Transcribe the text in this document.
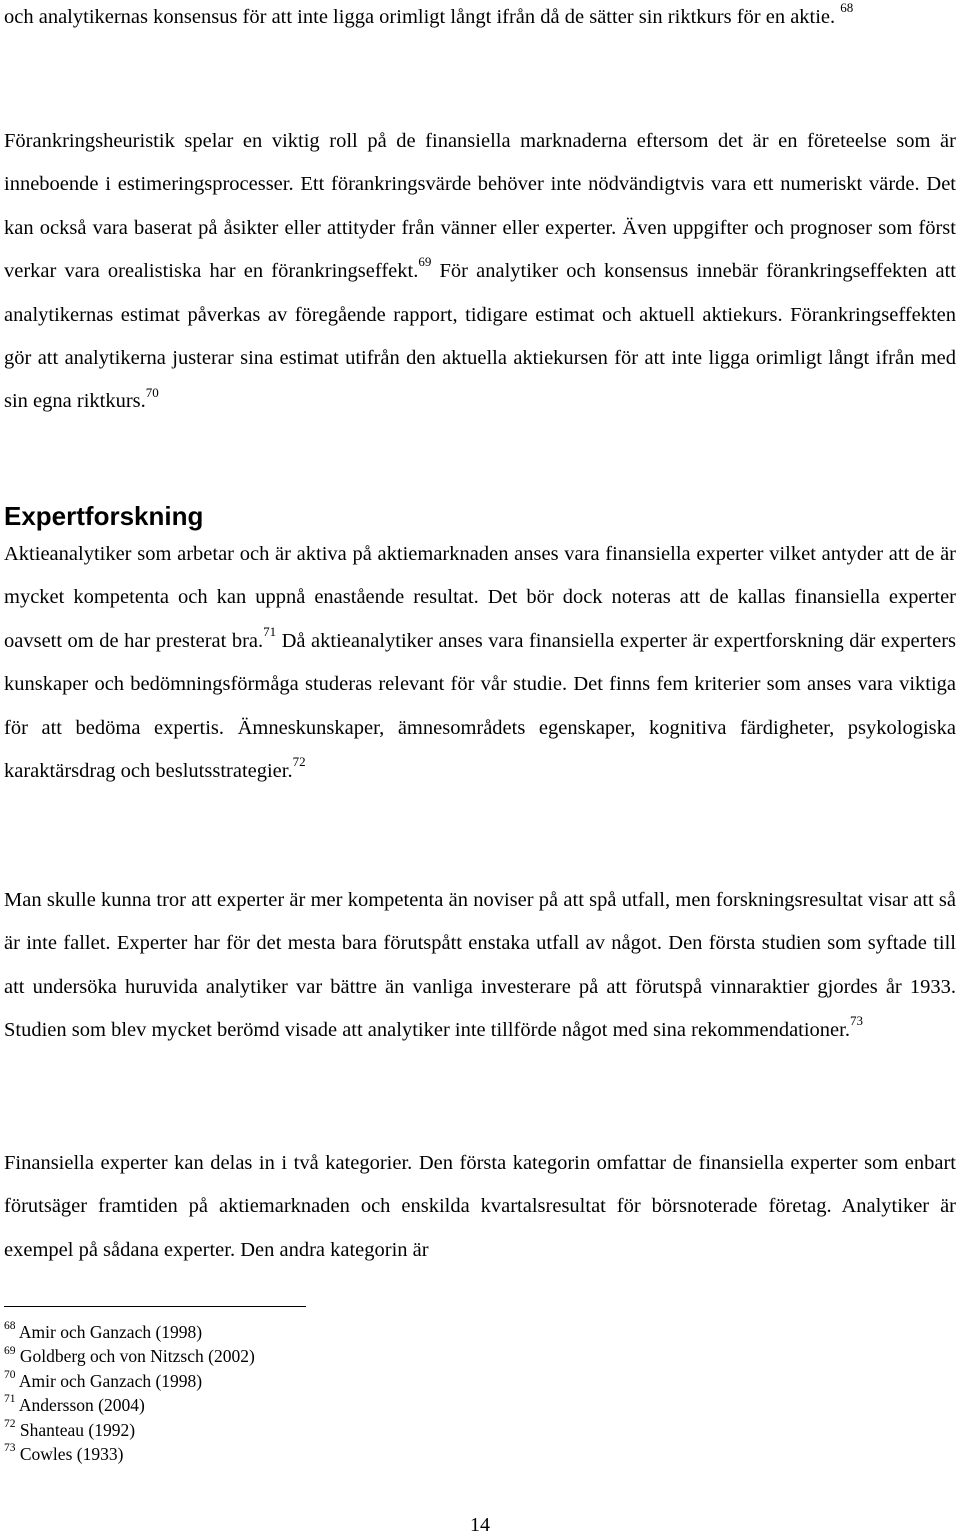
och analytikernas konsensus för att inte ligga orimligt långt ifrån då de sätter sin riktkurs för en aktie. $^{68}$

Förankringsheuristik spelar en viktig roll på de finansiella marknaderna eftersom det är en företeelse som är inneboende i estimeringsprocesser. Ett förankringsvärde behöver inte nödvändigtvis vara ett numeriskt värde. Det kan också vara baserat på åsikter eller attityder från vänner eller experter. Även uppgifter och prognoser som först verkar vara orealistiska har en förankringseffekt.$^{69}$ För analytiker och konsensus innebär förankringseffekten att analytikernas estimat påverkas av föregående rapport, tidigare estimat och aktuell aktiekurs. Förankringseffekten gör att analytikerna justerar sina estimat utifrån den aktuella aktiekursen för att inte ligga orimligt långt ifrån med sin egna riktkurs.$^{70}$

Expertforskning

Aktieanalytiker som arbetar och är aktiva på aktiemarknaden anses vara finansiella experter vilket antyder att de är mycket kompetenta och kan uppnå enastående resultat. Det bör dock noteras att de kallas finansiella experter oavsett om de har presterat bra.$^{71}$ Då aktieanalytiker anses vara finansiella experter är expertforskning där experters kunskaper och bedömningsförmåga studeras relevant för vår studie. Det finns fem kriterier som anses vara viktiga för att bedöma expertis. Ämneskunskaper, ämnesområdets egenskaper, kognitiva färdigheter, psykologiska karaktärsdrag och beslutsstrategier.$^{72}$

Man skulle kunna tror att experter är mer kompetenta än noviser på att spå utfall, men forskningsresultat visar att så är inte fallet. Experter har för det mesta bara förutspått enstaka utfall av något. Den första studien som syftade till att undersöka huruvida analytiker var bättre än vanliga investerare på att förutspå vinnaraktier gjordes år 1933. Studien som blev mycket berömd visade att analytiker inte tillförde något med sina rekommendationer.$^{73}$

Finansiella experter kan delas in i två kategorier. Den första kategorin omfattar de finansiella experter som enbart förutsäger framtiden på aktiemarknaden och enskilda kvartalsresultat för börsnoterade företag. Analytiker är exempel på sådana experter. Den andra kategorin är

$^{68}$ Amir och Ganzach (1998)

$^{69}$ Goldberg och von Nitzsch (2002)

$^{70}$ Amir och Ganzach (1998)

$^{71}$ Andersson (2004)

$^{72}$ Shanteau (1992)

$^{73}$ Cowles (1933)

14
